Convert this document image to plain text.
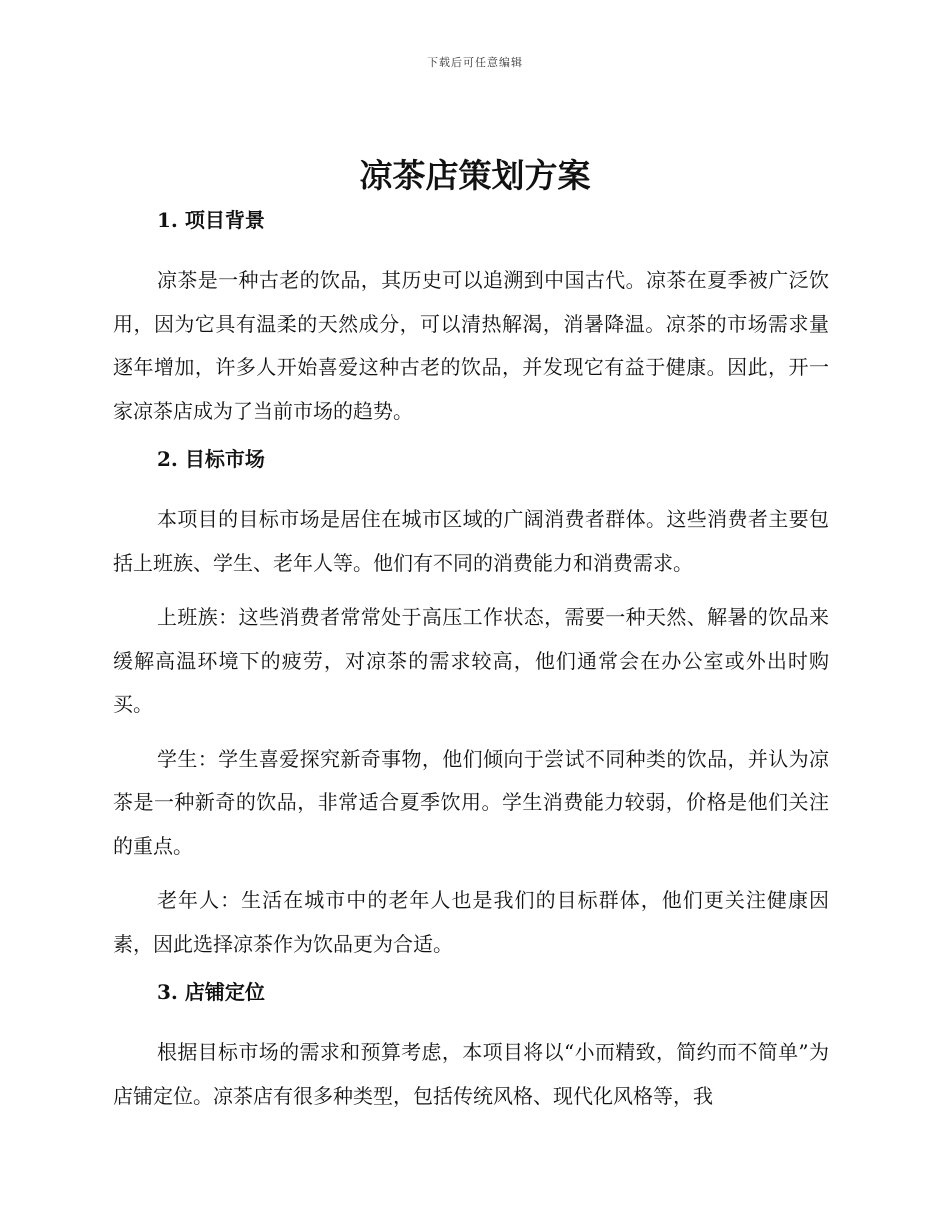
下载后可任意编辑
凉茶店策划方案
1. 项目背景

凉茶是一种古老的饮品，其历史可以追溯到中国古代。凉茶在夏季被广泛饮用，因为它具有温柔的天然成分，可以清热解渴，消暑降温。凉茶的市场需求量逐年增加，许多人开始喜爱这种古老的饮品，并发现它有益于健康。因此，开一家凉茶店成为了当前市场的趋势。

2. 目标市场

本项目的目标市场是居住在城市区域的广阔消费者群体。这些消费者主要包括上班族、学生、老年人等。他们有不同的消费能力和消费需求。

上班族：这些消费者常常处于高压工作状态，需要一种天然、解暑的饮品来缓解高温环境下的疲劳，对凉茶的需求较高，他们通常会在办公室或外出时购买。

学生：学生喜爱探究新奇事物，他们倾向于尝试不同种类的饮品，并认为凉茶是一种新奇的饮品，非常适合夏季饮用。学生消费能力较弱，价格是他们关注的重点。

老年人：生活在城市中的老年人也是我们的目标群体，他们更关注健康因素，因此选择凉茶作为饮品更为合适。

3. 店铺定位

根据目标市场的需求和预算考虑，本项目将以“小而精致，简约而不简单”为店铺定位。凉茶店有很多种类型，包括传统风格、现代化风格等，我
